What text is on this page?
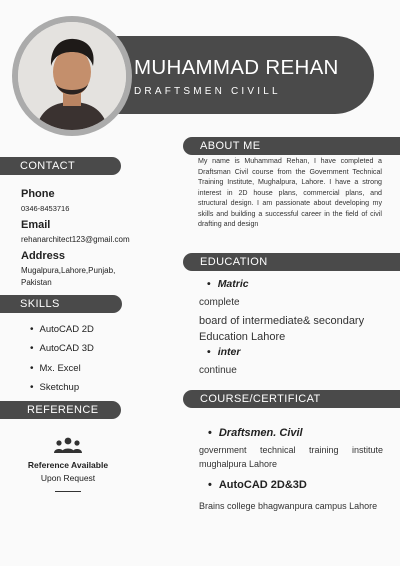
MUHAMMAD REHAN
DRAFTSMEN CIVILL
CONTACT
Phone
0346-8453716
Email
rehanarchitect123@gmail.com
Address
Mugalpura,Lahore,Punjab,
Pakistan
SKILLS
• AutoCAD 2D
• AutoCAD 3D
• Mx. Excel
• Sketchup
REFERENCE
Reference Available
Upon Request
ABOUT ME
My name is Muhammad Rehan, I have completed a Draftsman Civil course from the Government Technical Training Institute, Mughalpura, Lahore. I have a strong interest in 2D house plans, commercial plans, and structural design. I am passionate about developing my skills and building a successful career in the field of civil drafting and design
EDUCATION
• Matric
complete
board of intermediate& secondary
Education Lahore
• inter
continue
COURSE/CERTIFICAT
• Draftsmen. Civil
government technical training institute mughalpura Lahore
• AutoCAD 2D&3D
Brains college bhagwanpura campus Lahore
